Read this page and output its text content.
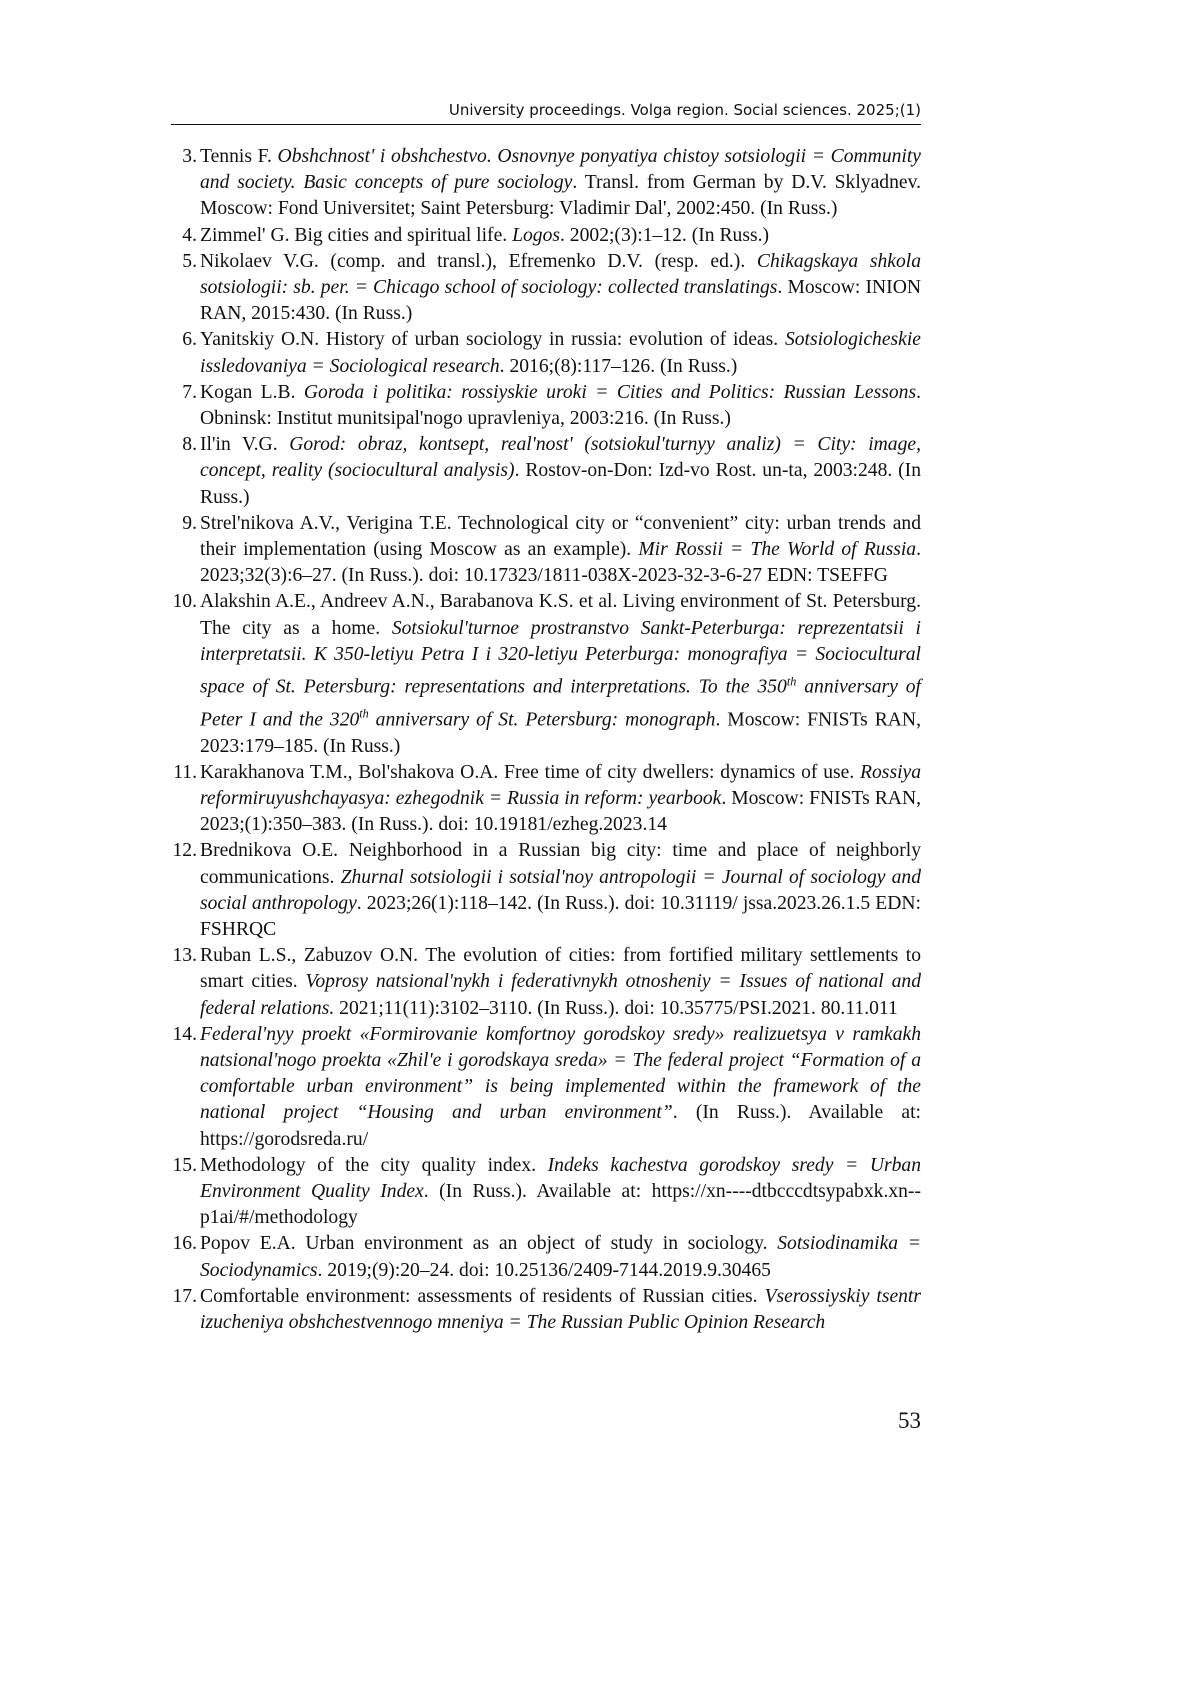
University proceedings. Volga region. Social sciences. 2025;(1)
3. Tennis F. Obshchnost' i obshchestvo. Osnovnye ponyatiya chistoy sotsiologii = Community and society. Basic concepts of pure sociology. Transl. from German by D.V. Sklyadnev. Moscow: Fond Universitet; Saint Petersburg: Vladimir Dal', 2002:450. (In Russ.)
4. Zimmel' G. Big cities and spiritual life. Logos. 2002;(3):1–12. (In Russ.)
5. Nikolaev V.G. (comp. and transl.), Efremenko D.V. (resp. ed.). Chikagskaya shkola sotsiologii: sb. per. = Chicago school of sociology: collected translatings. Moscow: INION RAN, 2015:430. (In Russ.)
6. Yanitskiy O.N. History of urban sociology in russia: evolution of ideas. Sotsiologicheskie issledovaniya = Sociological research. 2016;(8):117–126. (In Russ.)
7. Kogan L.B. Goroda i politika: rossiyskie uroki = Cities and Politics: Russian Lessons. Obninsk: Institut munitsipal'nogo upravleniya, 2003:216. (In Russ.)
8. Il'in V.G. Gorod: obraz, kontsept, real'nost' (sotsiokul'turnyy analiz) = City: image, concept, reality (sociocultural analysis). Rostov-on-Don: Izd-vo Rost. un-ta, 2003:248. (In Russ.)
9. Strel'nikova A.V., Verigina T.E. Technological city or “convenient” city: urban trends and their implementation (using Moscow as an example). Mir Rossii = The World of Russia. 2023;32(3):6–27. (In Russ.). doi: 10.17323/1811-038X-2023-32-3-6-27 EDN: TSEFFG
10. Alakshin A.E., Andreev A.N., Barabanova K.S. et al. Living environment of St. Petersburg. The city as a home. Sotsiokul'turnoe prostranstvo Sankt-Peterburga: reprezentatsii i interpretatsii. K 350-letiyu Petra I i 320-letiyu Peterburga: monografiya = Sociocultural space of St. Petersburg: representations and interpretations. To the 350th anniversary of Peter I and the 320th anniversary of St. Petersburg: monograph. Moscow: FNISTs RAN, 2023:179–185. (In Russ.)
11. Karakhanova T.M., Bol'shakova O.A. Free time of city dwellers: dynamics of use. Rossiya reformiruyushchayasya: ezhegodnik = Russia in reform: yearbook. Moscow: FNISTs RAN, 2023;(1):350–383. (In Russ.). doi: 10.19181/ezheg.2023.14
12. Brednikova O.E. Neighborhood in a Russian big city: time and place of neighborly communications. Zhurnal sotsiologii i sotsial'noy antropologii = Journal of sociology and social anthropology. 2023;26(1):118–142. (In Russ.). doi: 10.31119/ jssa.2023.26.1.5 EDN: FSHRQC
13. Ruban L.S., Zabuzov O.N. The evolution of cities: from fortified military settlements to smart cities. Voprosy natsional'nykh i federativnykh otnosheniy = Issues of national and federal relations. 2021;11(11):3102–3110. (In Russ.). doi: 10.35775/PSI.2021. 80.11.011
14. Federal'nyy proekt «Formirovanie komfortnoy gorodskoy sredy» realizuetsya v ramkakh natsional'nogo proekta «Zhil'e i gorodskaya sreda» = The federal project “Formation of a comfortable urban environment” is being implemented within the framework of the national project “Housing and urban environment”. (In Russ.). Available at: https://gorodsreda.ru/
15. Methodology of the city quality index. Indeks kachestva gorodskoy sredy = Urban Environment Quality Index. (In Russ.). Available at: https://xn----dtbcccdtsypabxk.xn--p1ai/#/methodology
16. Popov E.A. Urban environment as an object of study in sociology. Sotsiodinamika = Sociodynamics. 2019;(9):20–24. doi: 10.25136/2409-7144.2019.9.30465
17. Comfortable environment: assessments of residents of Russian cities. Vserossiyskiy tsentr izucheniya obshchestvennogo mneniya = The Russian Public Opinion Research
53
